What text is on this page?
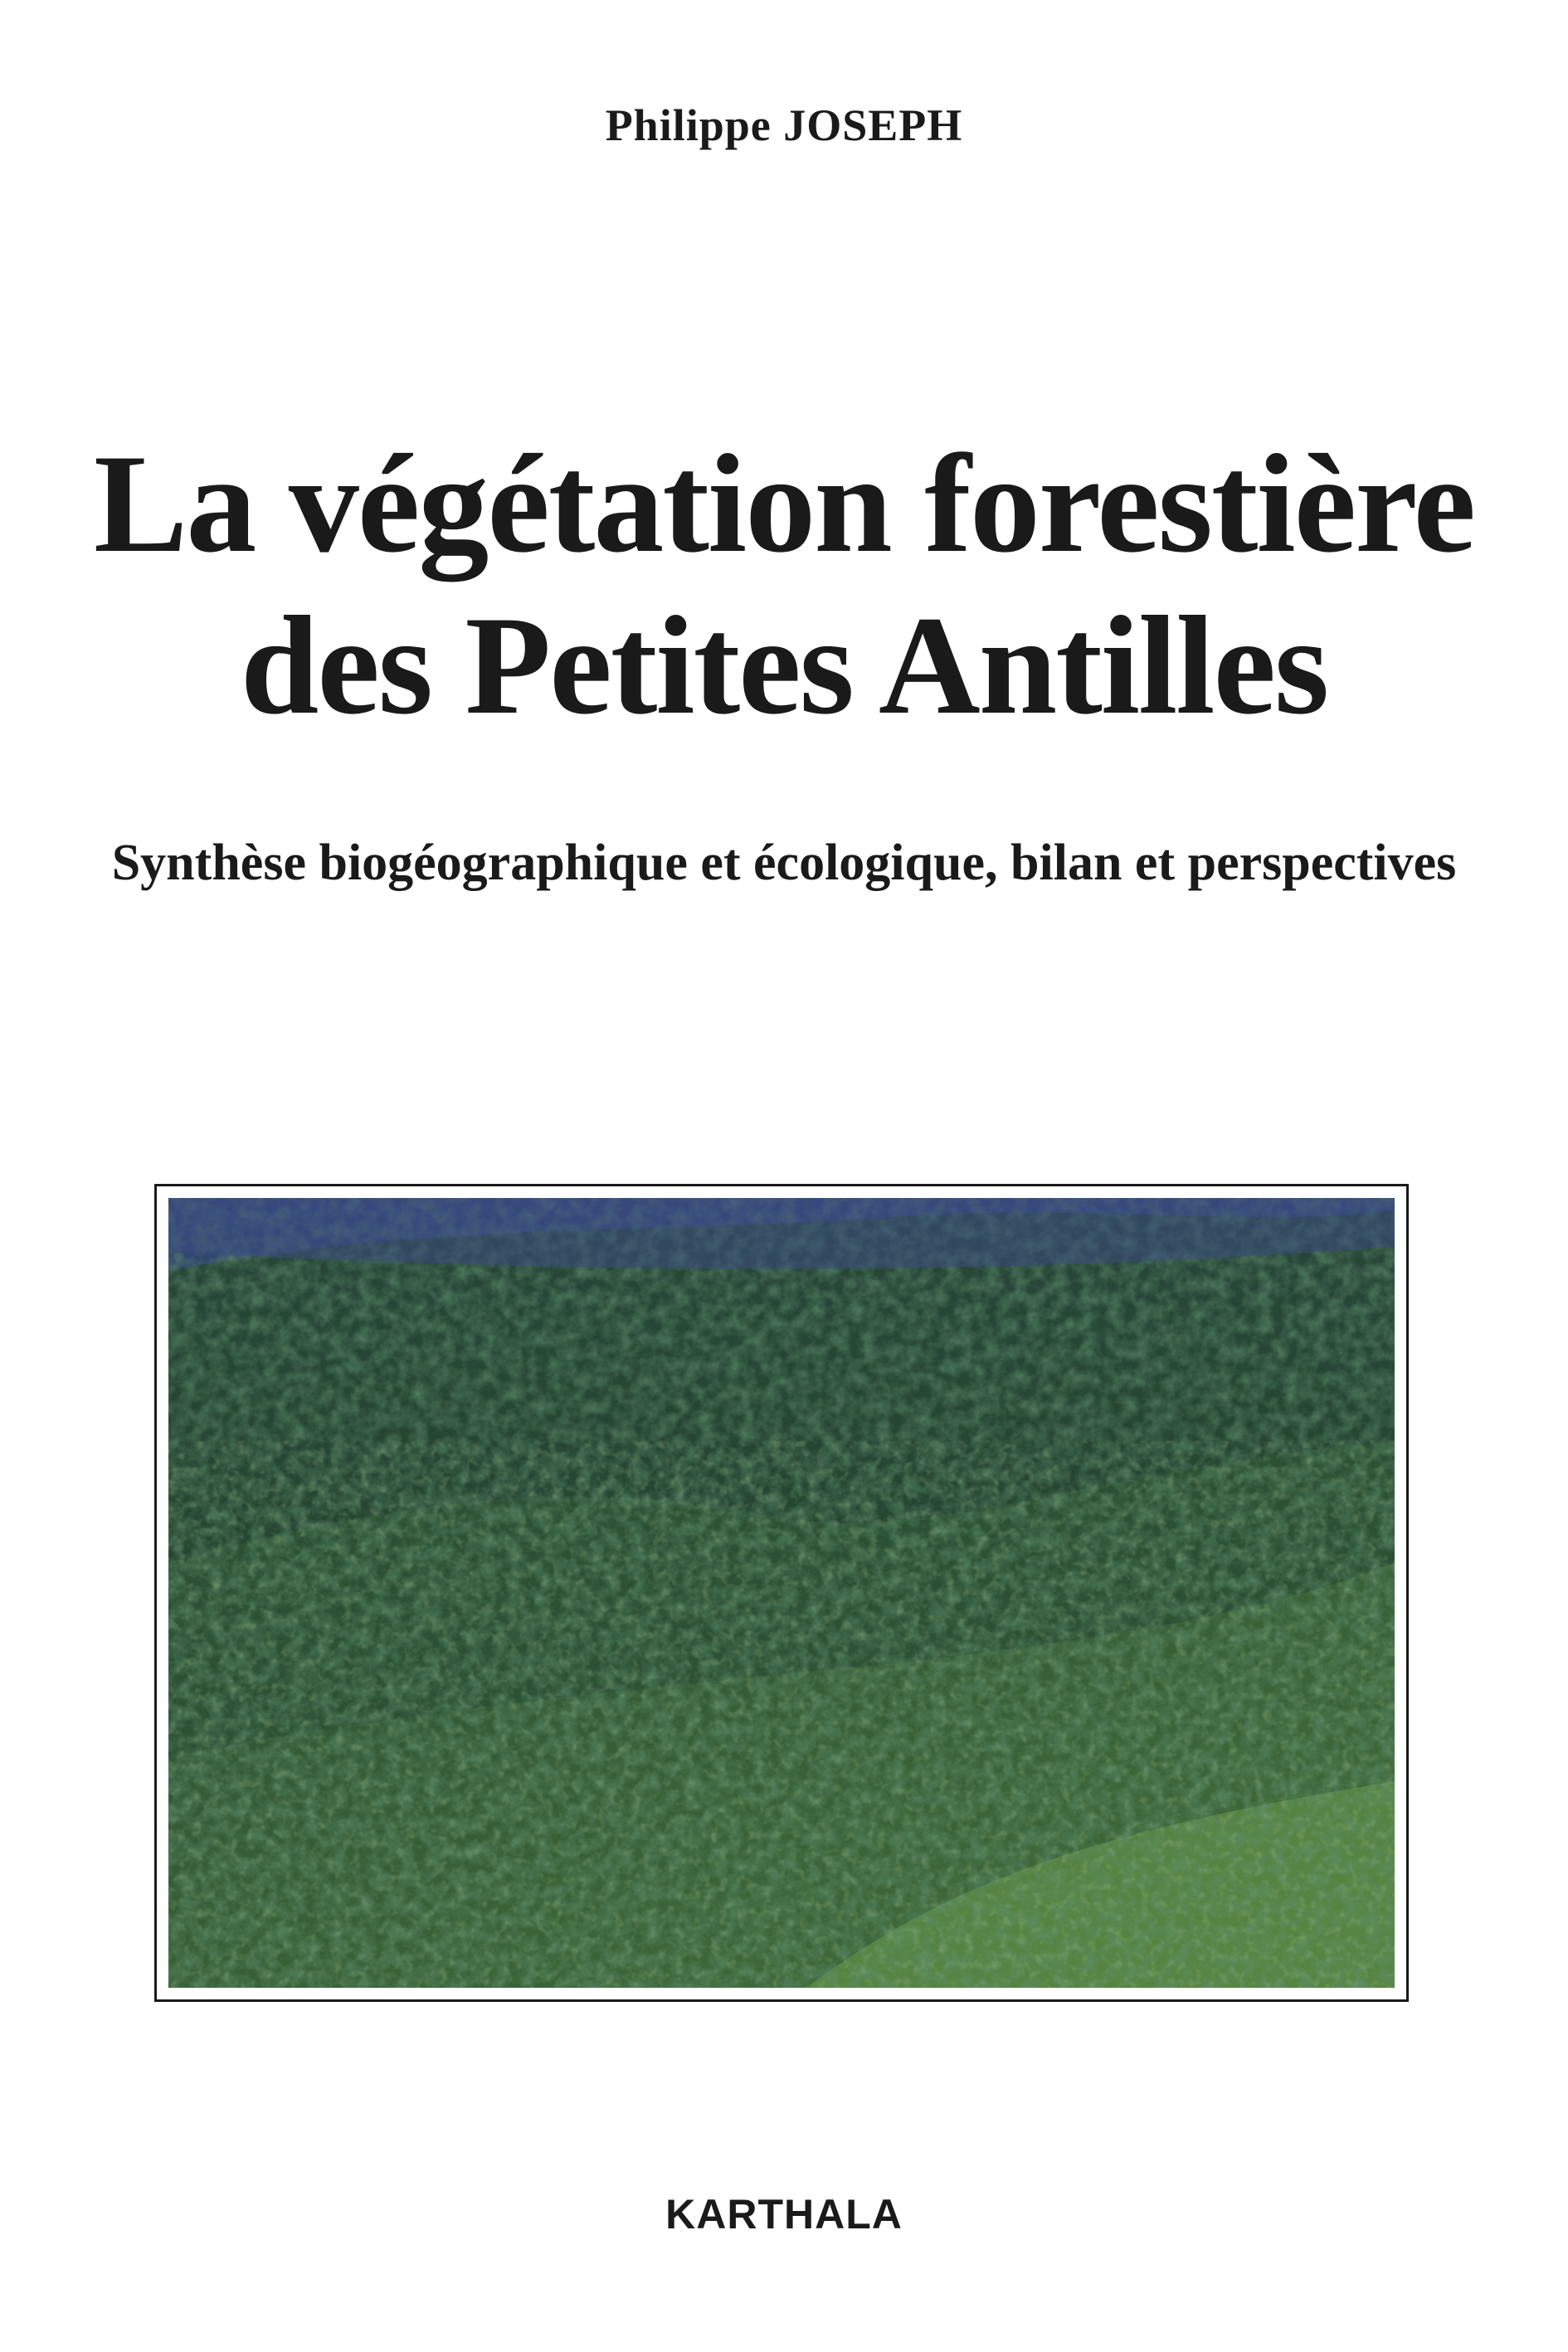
Philippe JOSEPH
La végétation forestière
des Petites Antilles
Synthèse biogéographique et écologique, bilan et perspectives
KARTHALA
